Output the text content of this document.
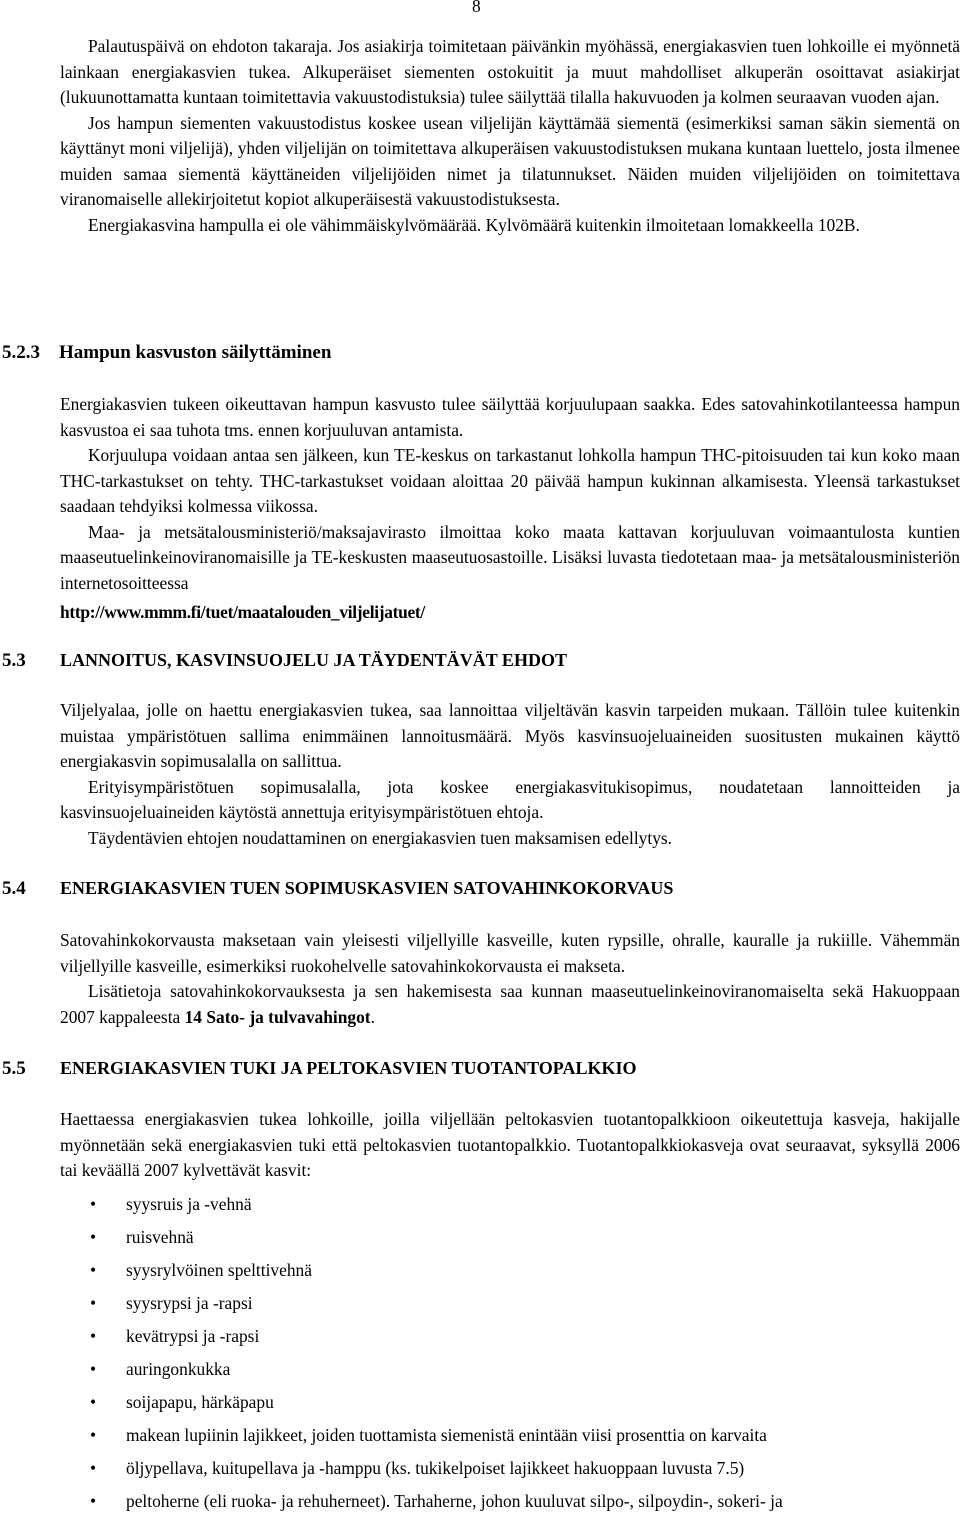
8

Palautuspäivä on ehdoton takaraja. Jos asiakirja toimitetaan päivänkin myöhässä, energiakasvien tuen lohkoille ei myönnetä lainkaan energiakasvien tukea. Alkuperäiset siementen ostokuitit ja muut mahdolliset alkuperän osoittavat asiakirjat (lukuunottamatta kuntaan toimitettavia vakuustodistuksia) tulee säilyttää tilalla hakuvuoden ja kolmen seuraavan vuoden ajan.

Jos hampun siementen vakuustodistus koskee usean viljelijän käyttämää siementä (esimerkiksi saman säkin siementä on käyttänyt moni viljelijä), yhden viljelijän on toimitettava alkuperäisen vakuustodistuksen mukana kuntaan luettelo, josta ilmenee muiden samaa siementä käyttäneiden viljelijöiden nimet ja tilatunnukset. Näiden muiden viljelijöiden on toimitettava viranomaiselle allekirjoitetut kopiot alkuperäisestä vakuustodistuksesta.

Energiakasvina hampulla ei ole vähimmäiskylvömäärää. Kylvömäärä kuitenkin ilmoitetaan lomakkeella 102B.

5.2.3 Hampun kasvuston säilyttäminen

Energiakasvien tukeen oikeuttavan hampun kasvusto tulee säilyttää korjuulupaan saakka. Edes satovahinkotilanteessa hampun kasvustoa ei saa tuhota tms. ennen korjuuluvan antamista.

Korjuulupa voidaan antaa sen jälkeen, kun TE-keskus on tarkastanut lohkolla hampun THC-pitoisuuden tai kun koko maan THC-tarkastukset on tehty. THC-tarkastukset voidaan aloittaa 20 päivää hampun kukinnan alkamisesta. Yleensä tarkastukset saadaan tehdyiksi kolmessa viikossa.

Maa- ja metsätalousministeriö/maksajavirasto ilmoittaa koko maata kattavan korjuuluvan voimaantulosta kuntien maaseutuelinkeinoviranomaisille ja TE-keskusten maaseutuosastoille. Lisäksi luvasta tiedotetaan maa- ja metsätalousministeriön internetosoitteessa

http://www.mmm.fi/tuet/maatalouden_viljelijatuet/

5.3 LANNOITUS, KASVINSUOJELU JA TÄYDENTÄVÄT EHDOT

Viljelyalaa, jolle on haettu energiakasvien tukea, saa lannoittaa viljeltävän kasvin tarpeiden mukaan. Tällöin tulee kuitenkin muistaa ympäristötuen sallima enimmäinen lannoitusmäärä. Myös kasvinsuojeluaineiden suositusten mukainen käyttö energiakasvin sopimusalalla on sallittua.

Erityisympäristötuen sopimusalalla, jota koskee energiakasvitukisopimus, noudatetaan lannoitteiden ja kasvinsuojeluaineiden käytöstä annettuja erityisympäristötuen ehtoja.

Täydentävien ehtojen noudattaminen on energiakasvien tuen maksamisen edellytys.

5.4 ENERGIAKASVIEN TUEN SOPIMUSKASVIEN SATOVAHINKOKORVAUS

Satovahinkokorvausta maksetaan vain yleisesti viljellyille kasveille, kuten rypsille, ohralle, kauralle ja rukiille. Vähemmän viljellyille kasveille, esimerkiksi ruokohelvelle satovahinkokorvausta ei makseta.

Lisätietoja satovahinkokorvauksesta ja sen hakemisesta saa kunnan maaseutuelinkeinoviranomaiselta sekä Hakuoppaan 2007 kappaleesta 14 Sato- ja tulvavahingot.

5.5 ENERGIAKASVIEN TUKI JA PELTOKASVIEN TUOTANTOPALKKIO

Haettaessa energiakasvien tukea lohkoille, joilla viljellään peltokasvien tuotantopalkkioon oikeutettuja kasveja, hakijalle myönnetään sekä energiakasvien tuki että peltokasvien tuotantopalkkio. Tuotantopalkkiokasveja ovat seuraavat, syksyllä 2006 tai keväällä 2007 kylvettävät kasvit:

• syysruis ja -vehnä
• ruisvehnä
• syysrylvöinen spelttivehnä
• syysrypsi ja -rapsi
• kevätrypsi ja -rapsi
• auringonkukka
• soijapapu, härkäpapu
• makean lupiinin lajikkeet, joiden tuottamista siemenistä enintään viisi prosenttia on karvaita
• öljypellava, kuitupellava ja -hamppu (ks. tukikelpoiset lajikkeet hakuoppaan luvusta 7.5)
• peltoherne (eli ruoka- ja rehuherneet). Tarhaherne, johon kuuluvat silpo-, silpoydin-, sokeri- ja
